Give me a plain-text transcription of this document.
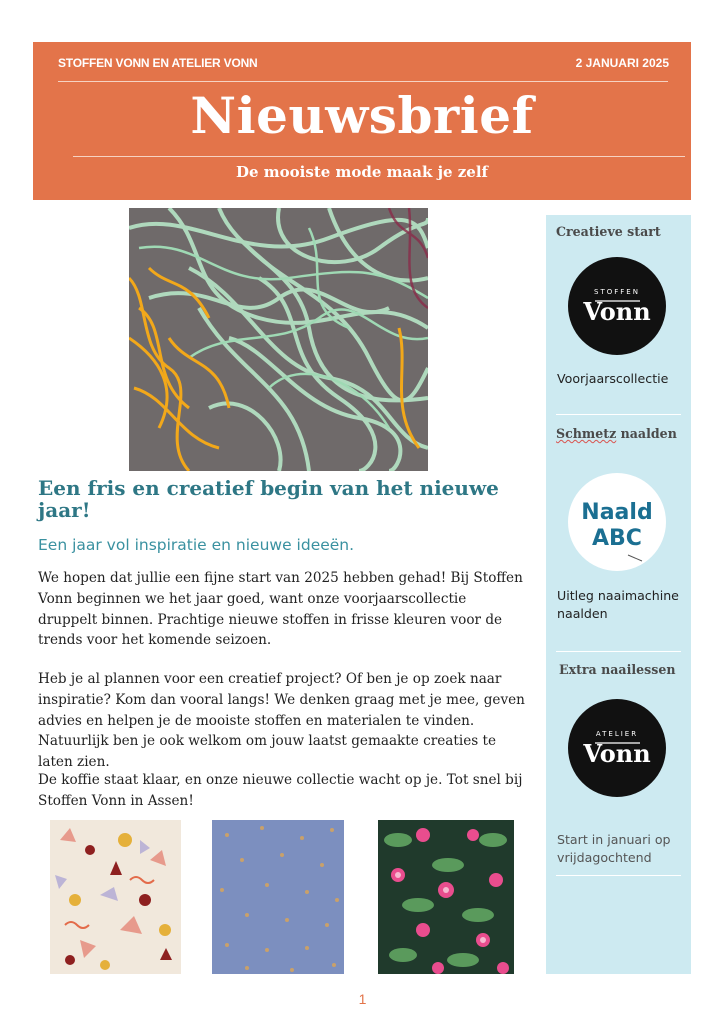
STOFFEN VONN EN ATELIER VONN	2 JANUARI 2025
Nieuwsbrief
De mooiste mode maak je zelf
Een fris en creatief begin van het nieuwe jaar!
Een jaar vol inspiratie en nieuwe ideeën.
We hopen dat jullie een fijne start van 2025 hebben gehad! Bij Stoffen Vonn beginnen we het jaar goed, want onze voorjaarscollectie druppelt binnen. Prachtige nieuwe stoffen in frisse kleuren voor de trends voor het komende seizoen.
Heb je al plannen voor een creatief project? Of ben je op zoek naar inspiratie? Kom dan vooral langs! We denken graag met je mee, geven advies en helpen je de mooiste stoffen en materialen te vinden. Natuurlijk ben je ook welkom om jouw laatst gemaakte creaties te laten zien.
De koffie staat klaar, en onze nieuwe collectie wacht op je. Tot snel bij Stoffen Vonn in Assen!
1
Creatieve start
STOFFEN
Vonn
Voorjaarscollectie
Schmetz naalden
Naald
ABC
Uitleg naaimachine naalden
Extra naailessen
ATELIER
Vonn
Start in januari op vrijdagochtend
